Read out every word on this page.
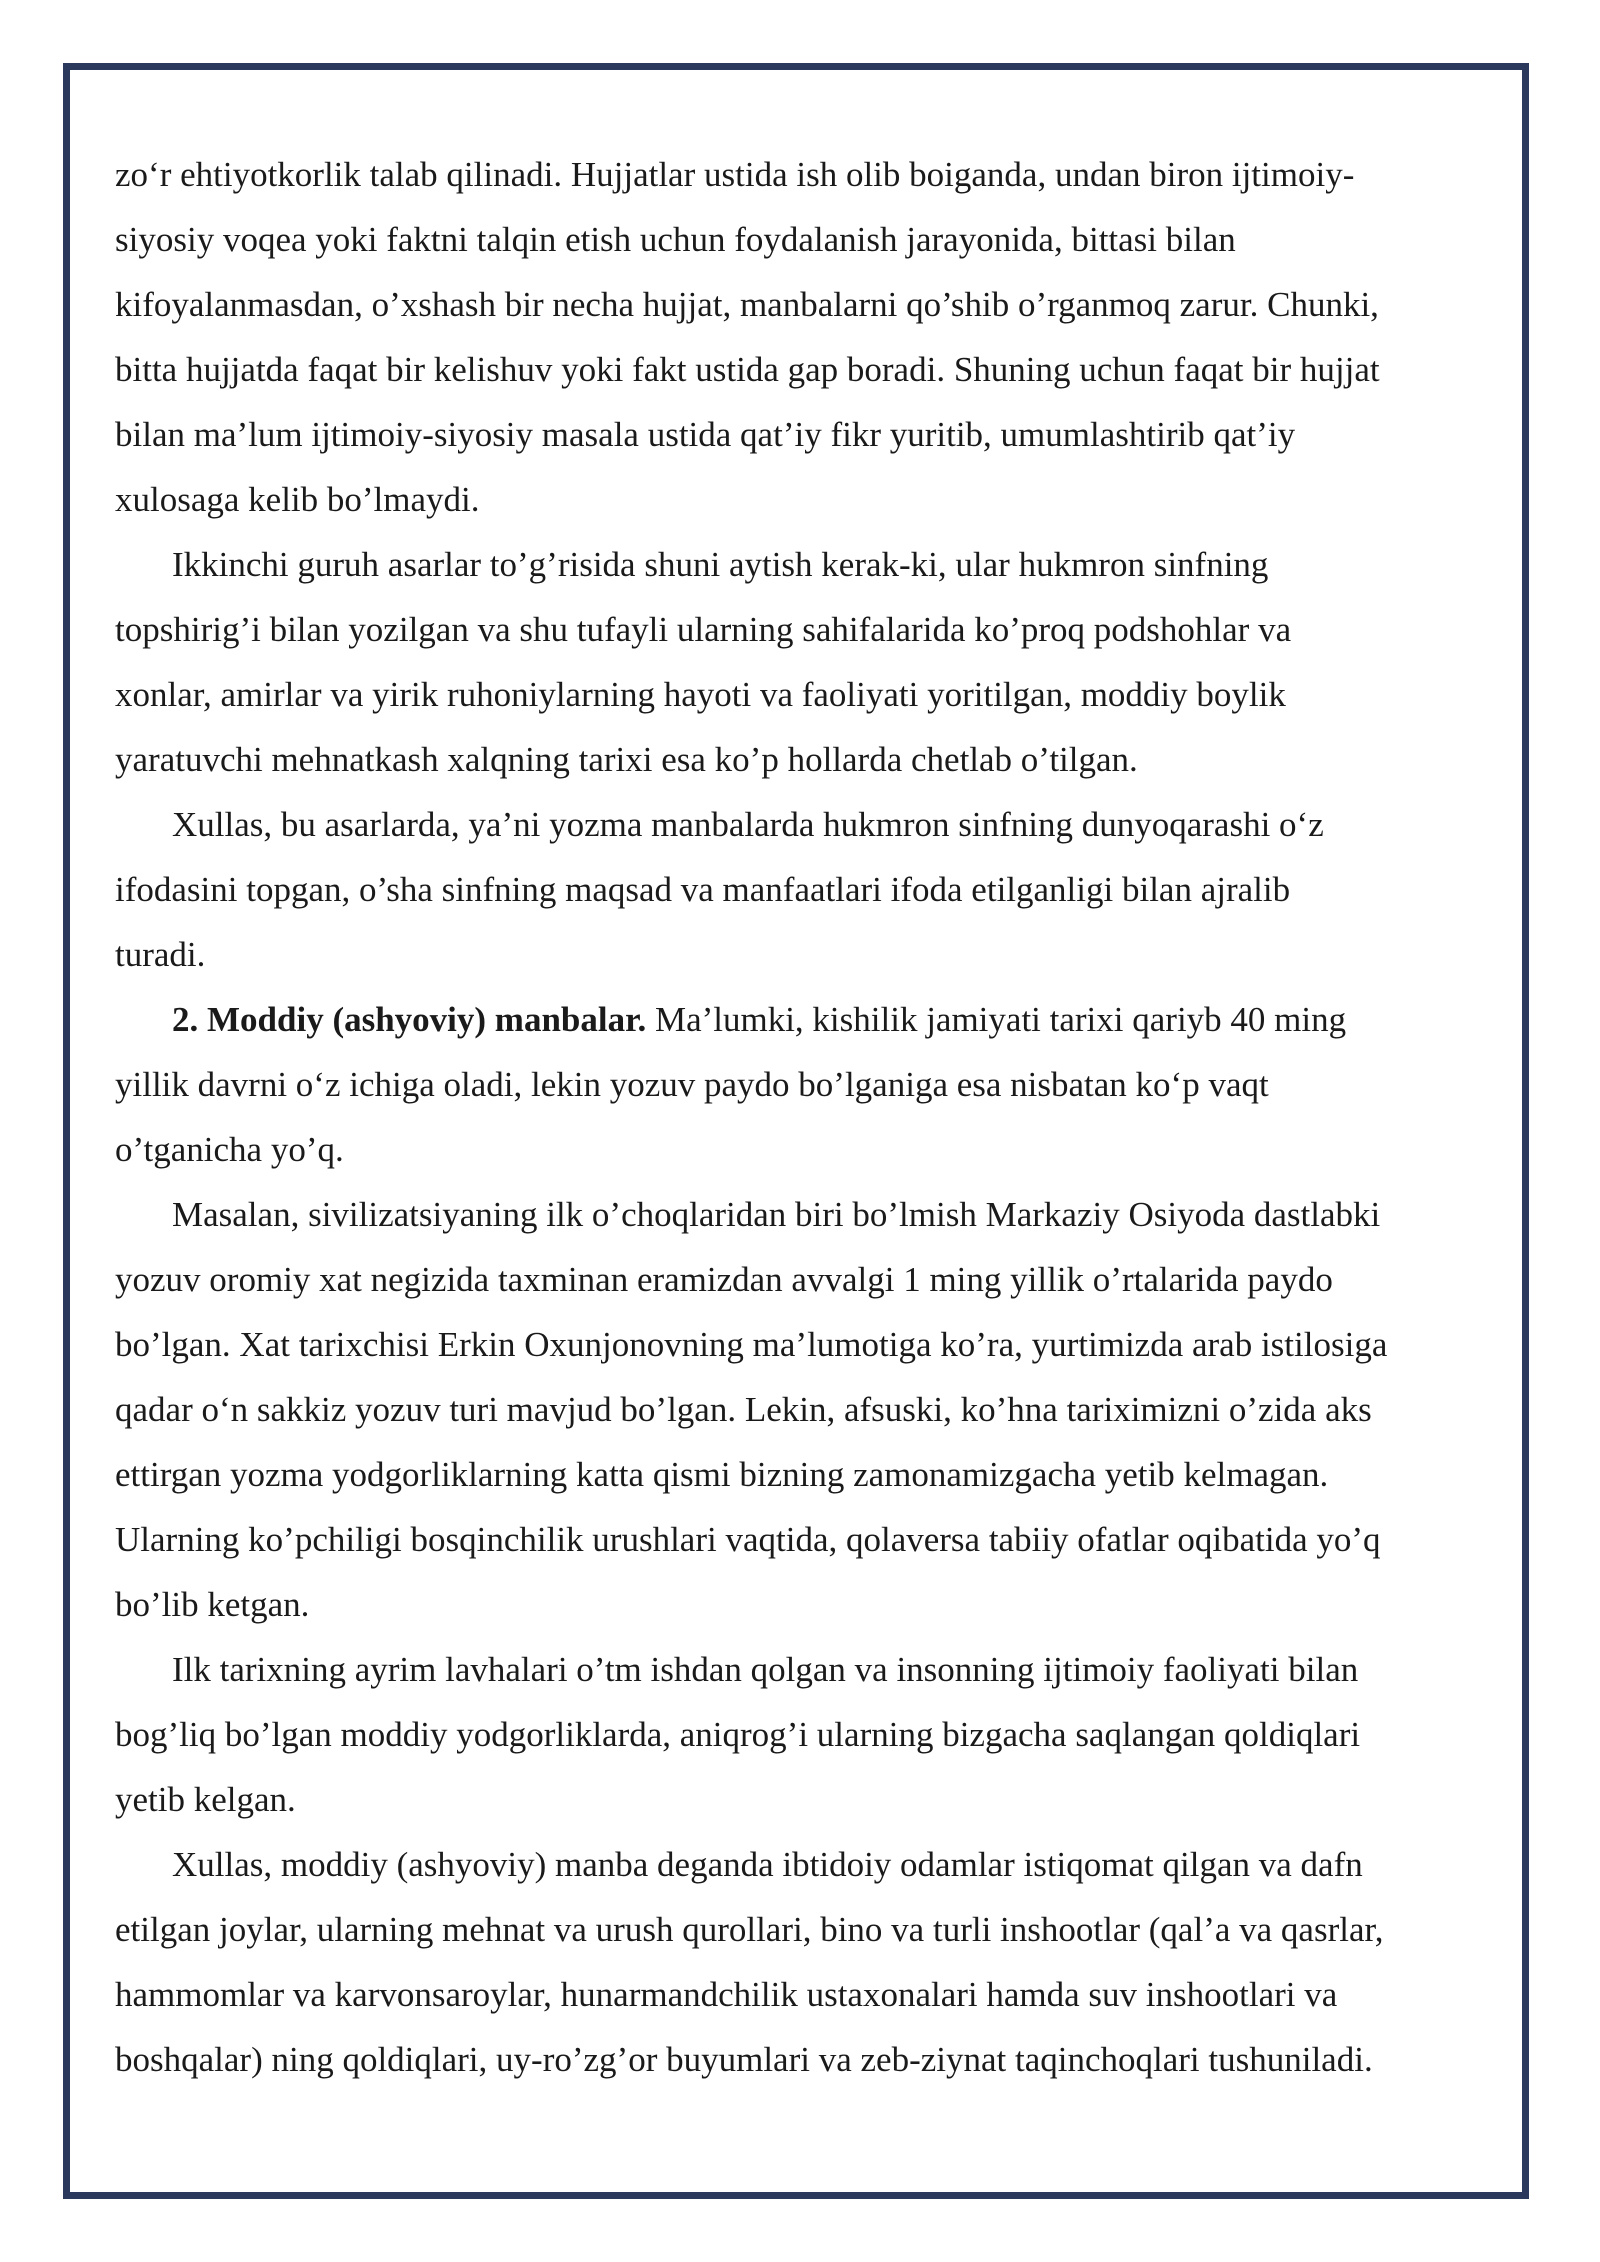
zo‘r ehtiyotkorlik talab qilinadi. Hujjatlar ustida ish olib boiganda, undan biron ijtimoiy-
siyosiy voqea yoki faktni talqin etish uchun foydalanish jarayonida, bittasi bilan
kifoyalanmasdan, o’xshash bir necha hujjat, manbalarni qo’shib o’rganmoq zarur. Chunki,
bitta hujjatda faqat bir kelishuv yoki fakt ustida gap boradi. Shuning uchun faqat bir hujjat
bilan ma’lum ijtimoiy-siyosiy masala ustida qat’iy fikr yuritib, umumlashtirib qat’iy
xulosaga kelib bo’lmaydi.

Ikkinchi guruh asarlar to’g’risida shuni aytish kerak-ki, ular hukmron sinfning
topshirig’i bilan yozilgan va shu tufayli ularning sahifalarida ko’proq podshohlar va
xonlar, amirlar va yirik ruhoniylarning hayoti va faoliyati yoritilgan, moddiy boylik
yaratuvchi mehnatkash xalqning tarixi esa ko’p hollarda chetlab o’tilgan.

Xullas, bu asarlarda, ya’ni yozma manbalarda hukmron sinfning dunyoqarashi o‘z
ifodasini topgan, o’sha sinfning maqsad va manfaatlari ifoda etilganligi bilan ajralib
turadi.

2. Moddiy (ashyoviy) manbalar. Ma’lumki, kishilik jamiyati tarixi qariyb 40 ming
yillik davrni o‘z ichiga oladi, lekin yozuv paydo bo’lganiga esa nisbatan ko‘p vaqt
o’tganicha yo’q.

Masalan, sivilizatsiyaning ilk o’choqlaridan biri bo’lmish Markaziy Osiyoda dastlabki
yozuv oromiy xat negizida taxminan eramizdan avvalgi 1 ming yillik o’rtalarida paydo
bo’lgan. Xat tarixchisi Erkin Oxunjonovning ma’lumotiga ko’ra, yurtimizda arab istilosiga
qadar o‘n sakkiz yozuv turi mavjud bo’lgan. Lekin, afsuski, ko’hna tariximizni o’zida aks
ettirgan yozma yodgorliklarning katta qismi bizning zamonamizgacha yetib kelmagan.
Ularning ko’pchiligi bosqinchilik urushlari vaqtida, qolaversa tabiiy ofatlar oqibatida yo’q
bo’lib ketgan.

Ilk tarixning ayrim lavhalari o’tm ishdan qolgan va insonning ijtimoiy faoliyati bilan
bog’liq bo’lgan moddiy yodgorliklarda, aniqrog’i ularning bizgacha saqlangan qoldiqlari
yetib kelgan.

Xullas, moddiy (ashyoviy) manba deganda ibtidoiy odamlar istiqomat qilgan va dafn
etilgan joylar, ularning mehnat va urush qurollari, bino va turli inshootlar (qal’a va qasrlar,
hammomlar va karvonsaroylar, hunarmandchilik ustaxonalari hamda suv inshootlari va
boshqalar) ning qoldiqlari, uy-ro’zg’or buyumlari va zeb-ziynat taqinchoqlari tushuniladi.
